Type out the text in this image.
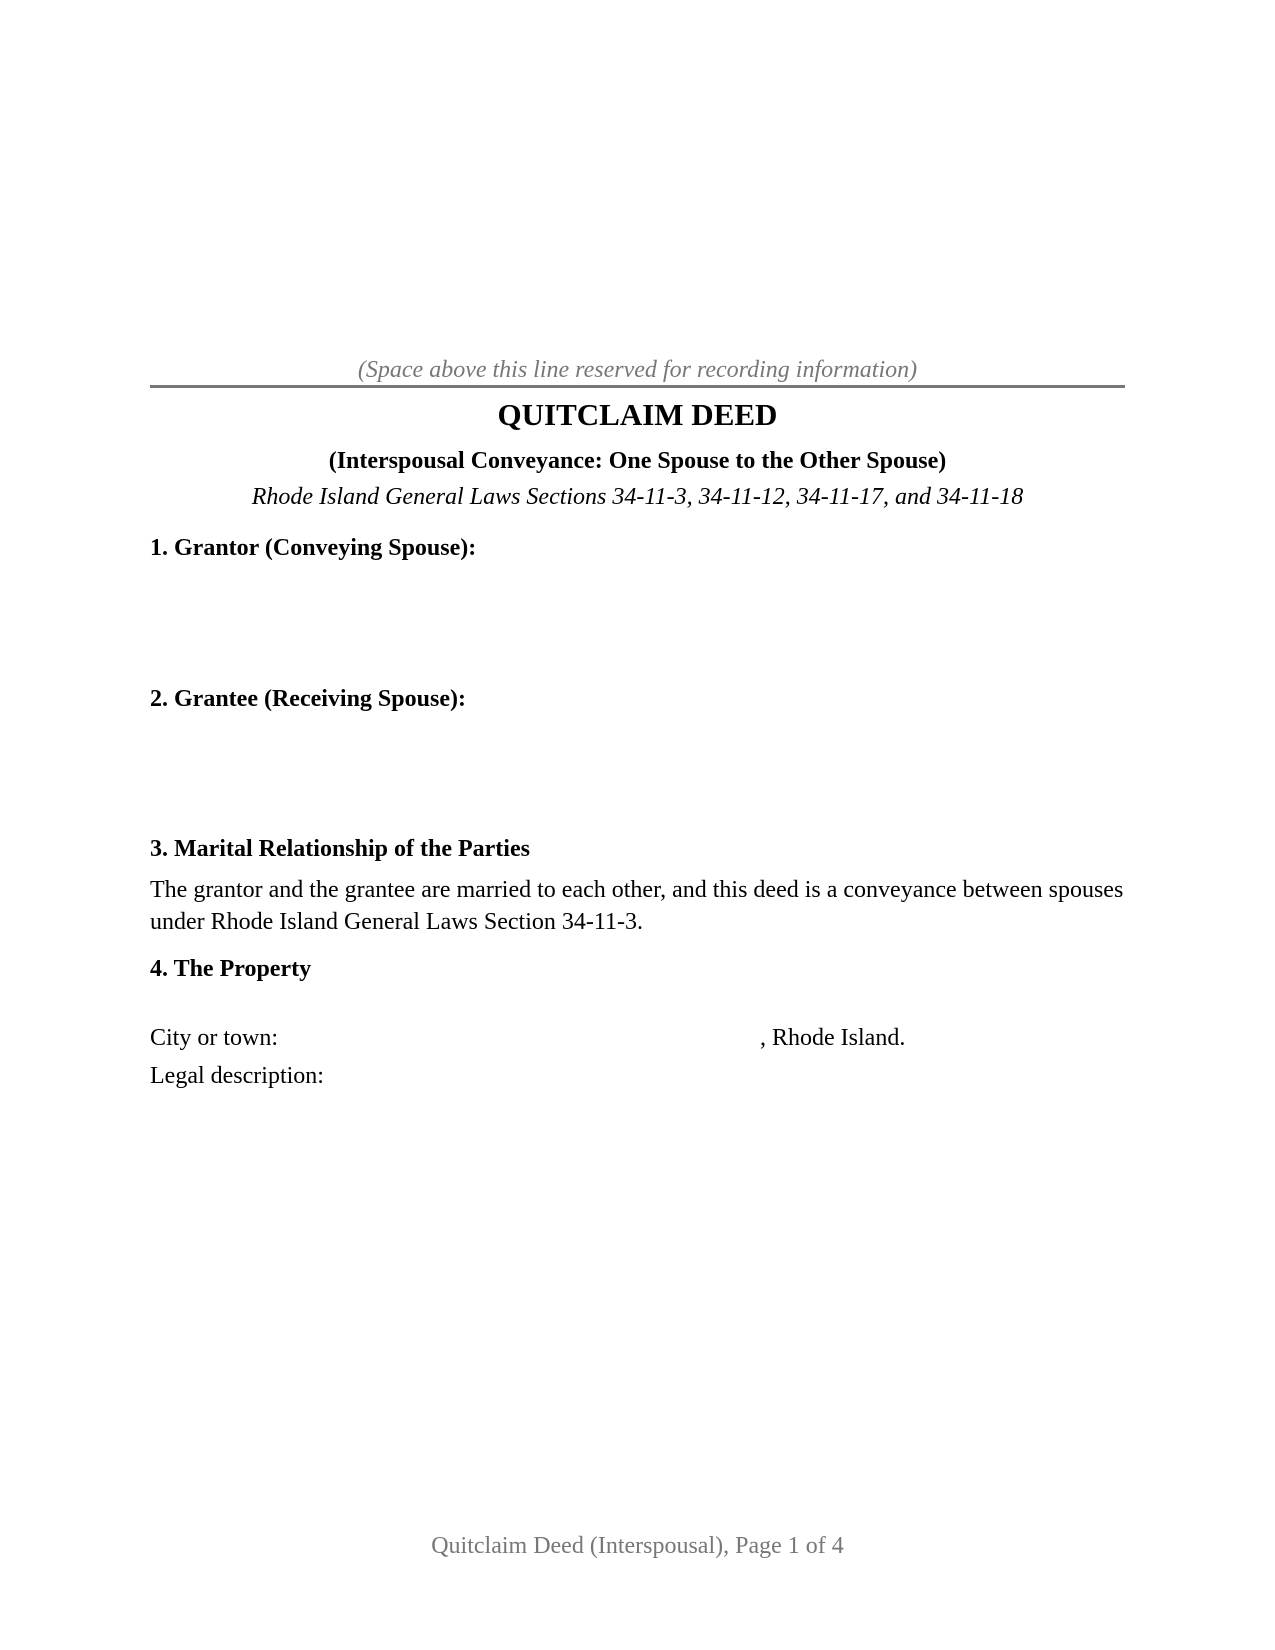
(Space above this line reserved for recording information)
QUITCLAIM DEED
(Interspousal Conveyance: One Spouse to the Other Spouse)
Rhode Island General Laws Sections 34-11-3, 34-11-12, 34-11-17, and 34-11-18
1. Grantor (Conveying Spouse):
2. Grantee (Receiving Spouse):
3. Marital Relationship of the Parties
The grantor and the grantee are married to each other, and this deed is a conveyance between spouses under Rhode Island General Laws Section 34-11-3.
4. The Property
City or town:	, Rhode Island.
Legal description:
Quitclaim Deed (Interspousal), Page 1 of 4
